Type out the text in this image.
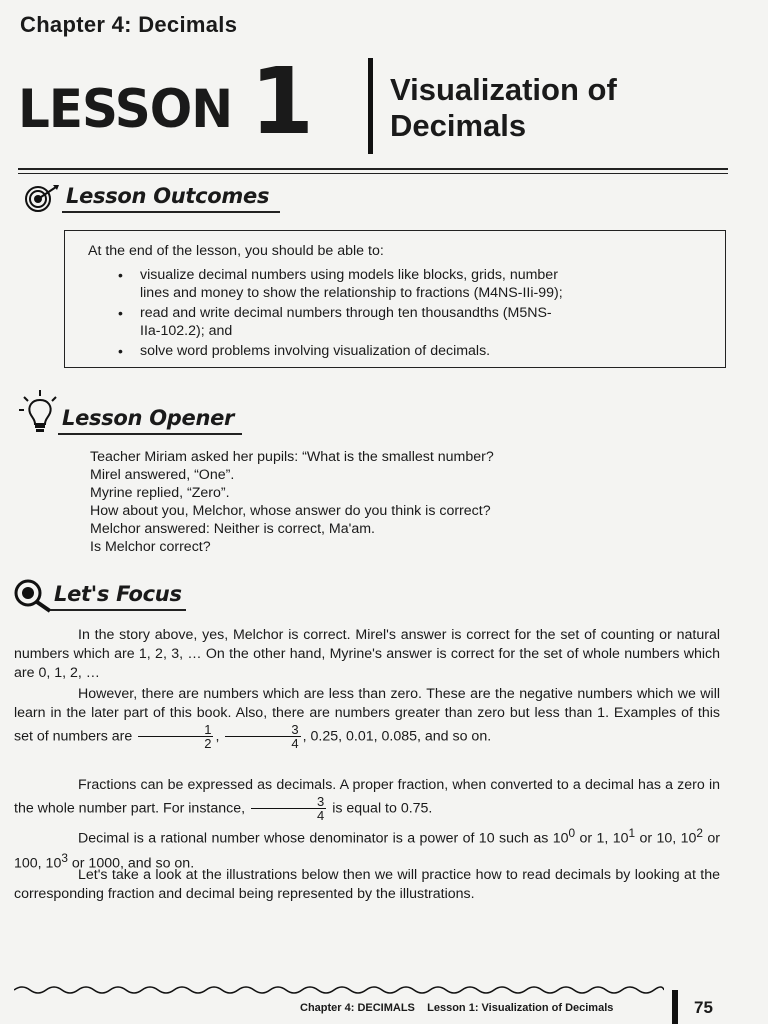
Chapter 4: Decimals
LESSON 1 Visualization of
Decimals
Lesson Outcomes
At the end of the lesson, you should be able to:
•	visualize decimal numbers using models like blocks, grids, number
lines and money to show the relationship to fractions (M4NS-IIi-99);
•	read and write decimal numbers through ten thousandths (M5NS-
IIa-102.2); and
•	solve word problems involving visualization of decimals.
Lesson Opener
Teacher Miriam asked her pupils: “What is the smallest number?
Mirel answered, “One”.
Myrine replied, “Zero”.
How about you, Melchor, whose answer do you think is correct?
Melchor answered: Neither is correct, Ma'am.
Is Melchor correct?
Let's Focus
In the story above, yes, Melchor is correct. Mirel's answer is correct for the set of counting or natural numbers which are 1, 2, 3, … On the other hand, Myrine's answer is correct for the set of whole numbers which are 0, 1, 2, …
However, there are numbers which are less than zero. These are the negative numbers which we will learn in the later part of this book. Also, there are numbers greater than zero but less than 1. Examples of this set of numbers are $\frac{1}{2}$ , $\frac{3}{4}$ , 0.25, 0.01, 0.085, and so on.
Fractions can be expressed as decimals. A proper fraction, when converted to a decimal has a zero in the whole number part. For instance, $\frac{3}{4}$ is equal to 0.75.
Decimal is a rational number whose denominator is a power of 10 such as $10^0$ or 1, $10^1$ or 10, $10^2$ or 100, $10^3$ or 1000, and so on.
Let's take a look at the illustrations below then we will practice how to read decimals by looking at the corresponding fraction and decimal being represented by the illustrations.
Chapter 4: DECIMALS Lesson 1: Visualization of Decimals	75
